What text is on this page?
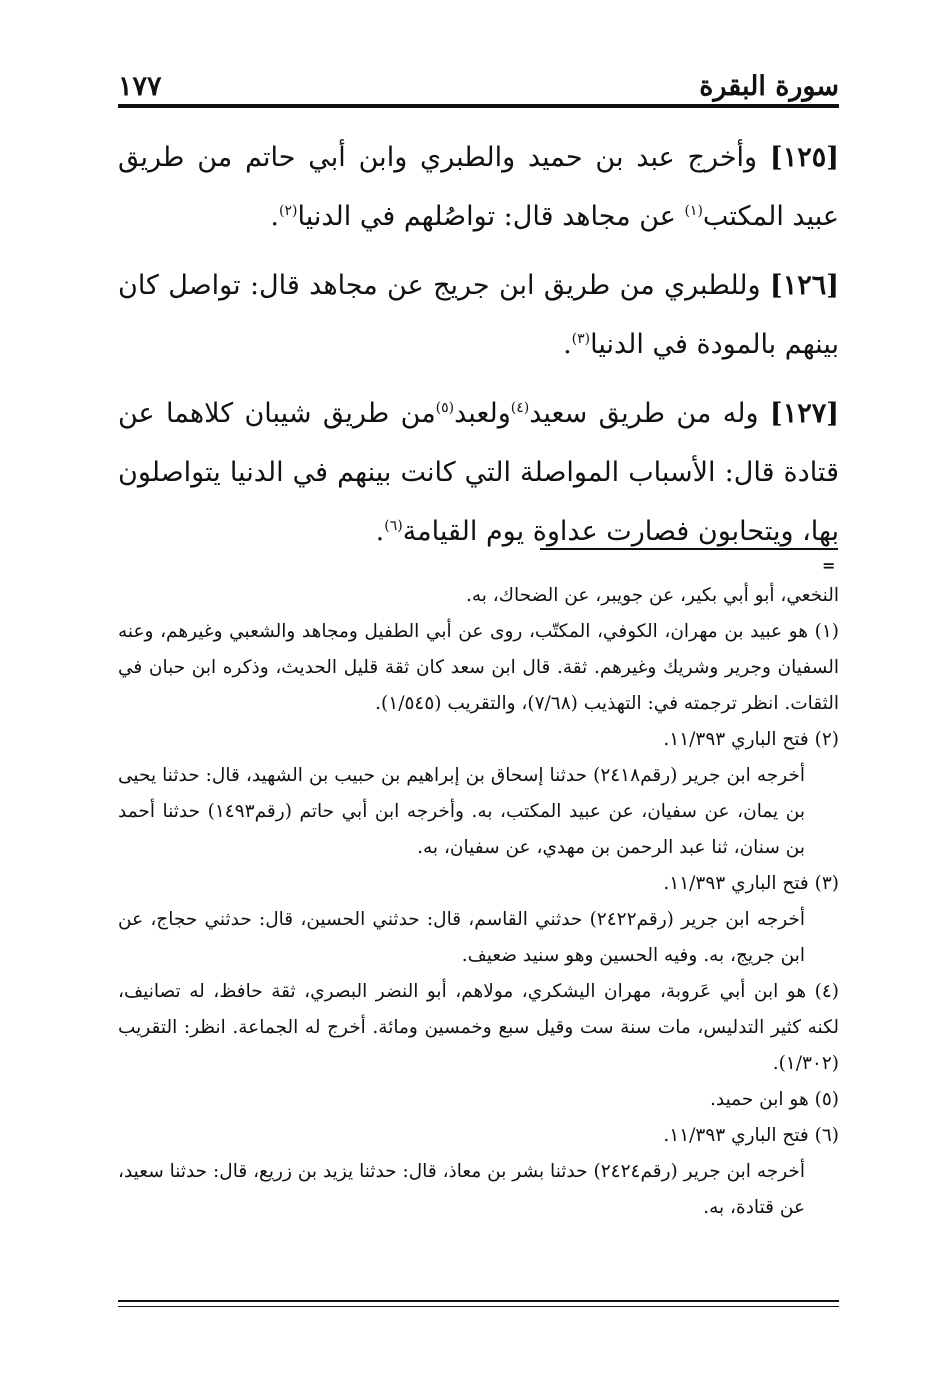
سورة البقرة
١٧٧

[١٢٥] وأخرج عبد بن حميد والطبري وابن أبي حاتم من طريق عبيد المكتب$^{(١)}$ عن مجاهد قال: تواصُلهم في الدنيا$^{(٢)}$.

[١٢٦] وللطبري من طريق ابن جريج عن مجاهد قال: تواصل كان بينهم بالمودة في الدنيا$^{(٣)}$.

[١٢٧] وله من طريق سعيد$^{(٤)}$ولعبد$^{(٥)}$من طريق شيبان كلاهما عن قتادة قال: الأسباب المواصلة التي كانت بينهم في الدنيا يتواصلون بها، ويتحابون فصارت عداوة يوم القيامة$^{(٦)}$.

=

النخعي، أبو أبي بكير، عن جويبر، عن الضحاك، به.

(١) هو عبيد بن مهران، الكوفي، المكتّب، روى عن أبي الطفيل ومجاهد والشعبي وغيرهم، وعنه السفيان وجرير وشريك وغيرهم. ثقة. قال ابن سعد كان ثقة قليل الحديث، وذكره ابن حبان في الثقات. انظر ترجمته في: التهذيب (٧/٦٨)، والتقريب (١/٥٤٥).

(٢) فتح الباري ١١/٣٩٣.

أخرجه ابن جرير (رقم٢٤١٨) حدثنا إسحاق بن إبراهيم بن حبيب بن الشهيد، قال: حدثنا يحيى بن يمان، عن سفيان، عن عبيد المكتب، به. وأخرجه ابن أبي حاتم (رقم١٤٩٣) حدثنا أحمد بن سنان، ثنا عبد الرحمن بن مهدي، عن سفيان، به.

(٣) فتح الباري ١١/٣٩٣.

أخرجه ابن جرير (رقم٢٤٢٢) حدثني القاسم، قال: حدثني الحسين، قال: حدثني حجاج، عن ابن جريج، به. وفيه الحسين وهو سنيد ضعيف.

(٤) هو ابن أبي عَروبة، مهران اليشكري، مولاهم، أبو النضر البصري، ثقة حافظ، له تصانيف، لكنه كثير التدليس، مات سنة ست وقيل سبع وخمسين ومائة. أخرج له الجماعة. انظر: التقريب (١/٣٠٢).

(٥) هو ابن حميد.

(٦) فتح الباري ١١/٣٩٣.

أخرجه ابن جرير (رقم٢٤٢٤) حدثنا بشر بن معاذ، قال: حدثنا يزيد بن زريع، قال: حدثنا سعيد، عن قتادة، به.
